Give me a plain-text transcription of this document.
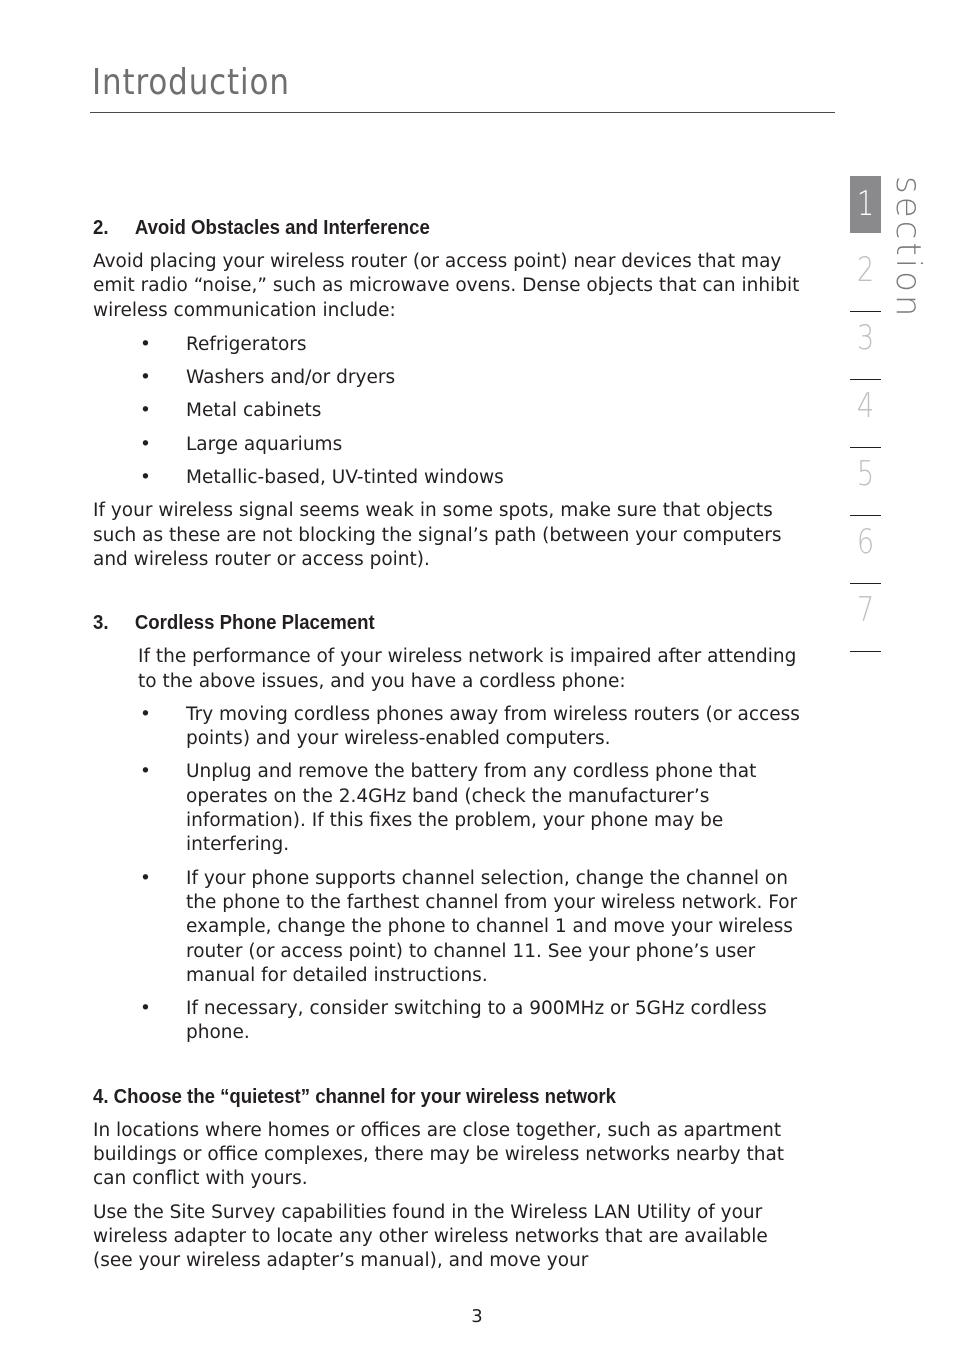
Introduction
2.	Avoid Obstacles and Interference

Avoid placing your wireless router (or access point) near devices that may emit radio “noise,” such as microwave ovens. Dense objects that can inhibit wireless communication include:

• Refrigerators
• Washers and/or dryers
• Metal cabinets
• Large aquariums
• Metallic-based, UV-tinted windows

If your wireless signal seems weak in some spots, make sure that objects such as these are not blocking the signal’s path (between your computers and wireless router or access point).

3.	Cordless Phone Placement

If the performance of your wireless network is impaired after attending to the above issues, and you have a cordless phone:

• Try moving cordless phones away from wireless routers (or access points) and your wireless-enabled computers.
• Unplug and remove the battery from any cordless phone that operates on the 2.4GHz band (check the manufacturer’s information). If this fixes the problem, your phone may be interfering.
• If your phone supports channel selection, change the channel on the phone to the farthest channel from your wireless network. For example, change the phone to channel 1 and move your wireless router (or access point) to channel 11. See your phone’s user manual for detailed instructions.
• If necessary, consider switching to a 900MHz or 5GHz cordless phone.
4. Choose the “quietest” channel for your wireless network

In locations where homes or offices are close together, such as apartment buildings or office complexes, there may be wireless networks nearby that can conflict with yours.

Use the Site Survey capabilities found in the Wireless LAN Utility of your wireless adapter to locate any other wireless networks that are available (see your wireless adapter’s manual), and move your

1
2
3
4
5
6
7
section
3
